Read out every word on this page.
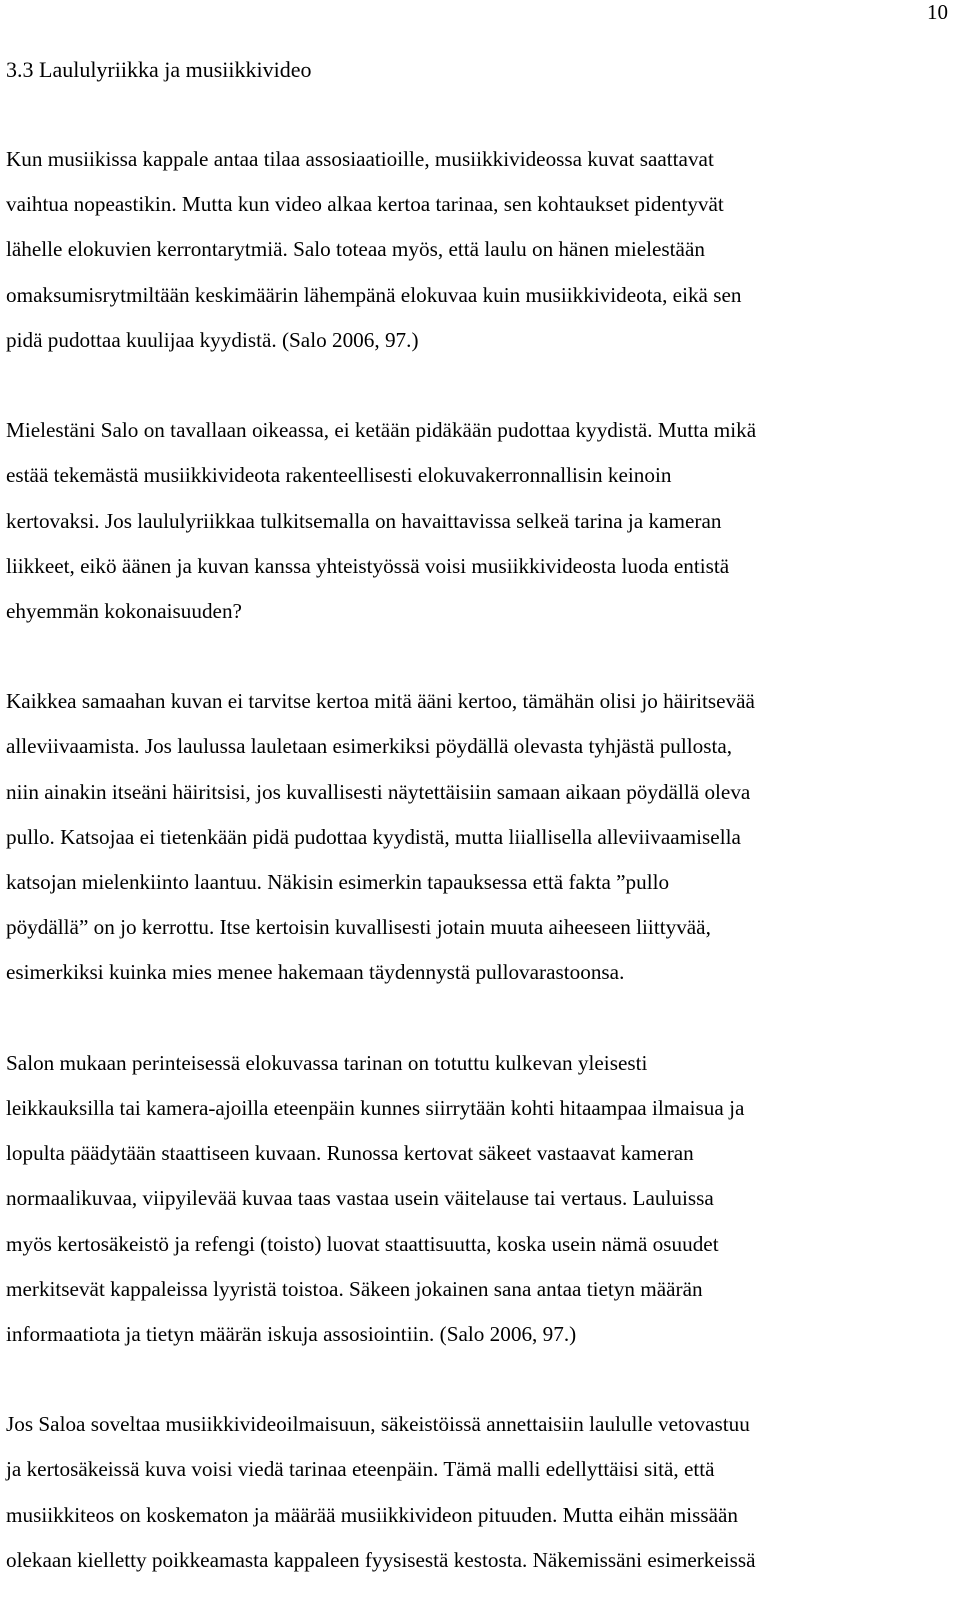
10
3.3 Laululyriikka ja musiikkivideo

Kun musiikissa kappale antaa tilaa assosiaatioille, musiikkivideossa kuvat saattavat
vaihtua nopeastikin. Mutta kun video alkaa kertoa tarinaa, sen kohtaukset pidentyvät
lähelle elokuvien kerrontarytmiä. Salo toteaa myös, että laulu on hänen mielestään
omaksumisrytmiltään keskimäärin lähempänä elokuvaa kuin musiikkivideota, eikä sen
pidä pudottaa kuulijaa kyydistä. (Salo 2006, 97.)

Mielestäni Salo on tavallaan oikeassa, ei ketään pidäkään pudottaa kyydistä. Mutta mikä
estää tekemästä musiikkivideota rakenteellisesti elokuvakerronnallisin keinoin
kertovaksi. Jos laululyriikkaa tulkitsemalla on havaittavissa selkeä tarina ja kameran
liikkeet, eikö äänen ja kuvan kanssa yhteistyössä voisi musiikkivideosta luoda entistä
ehyemmän kokonaisuuden?

Kaikkea samaahan kuvan ei tarvitse kertoa mitä ääni kertoo, tämähän olisi jo häiritsevää
alleviivaamista. Jos laulussa lauletaan esimerkiksi pöydällä olevasta tyhjästä pullosta,
niin ainakin itseäni häiritsisi, jos kuvallisesti näytettäisiin samaan aikaan pöydällä oleva
pullo. Katsojaa ei tietenkään pidä pudottaa kyydistä, mutta liiallisella alleviivaamisella
katsojan mielenkiinto laantuu. Näkisin esimerkin tapauksessa että fakta ”pullo
pöydällä” on jo kerrottu. Itse kertoisin kuvallisesti jotain muuta aiheeseen liittyvää,
esimerkiksi kuinka mies menee hakemaan täydennystä pullovarastoonsa.

Salon mukaan perinteisessä elokuvassa tarinan on totuttu kulkevan yleisesti
leikkauksilla tai kamera-ajoilla eteenpäin kunnes siirrytään kohti hitaampaa ilmaisua ja
lopulta päädytään staattiseen kuvaan. Runossa kertovat säkeet vastaavat kameran
normaalikuvaa, viipyilevää kuvaa taas vastaa usein väitelause tai vertaus. Lauluissa
myös kertosäkeistö ja refengi (toisto) luovat staattisuutta, koska usein nämä osuudet
merkitsevät kappaleissa lyyristä toistoa. Säkeen jokainen sana antaa tietyn määrän
informaatiota ja tietyn määrän iskuja assosiointiin. (Salo 2006, 97.)

Jos Saloa soveltaa musiikkivideoilmaisuun, säkeistöissä annettaisiin laululle vetovastuu
ja kertosäkeissä kuva voisi viedä tarinaa eteenpäin. Tämä malli edellyttäisi sitä, että
musiikkiteos on koskematon ja määrää musiikkivideon pituuden. Mutta eihän missään
olekaan kielletty poikkeamasta kappaleen fyysisestä kestosta. Näkemissäni esimerkeissä
